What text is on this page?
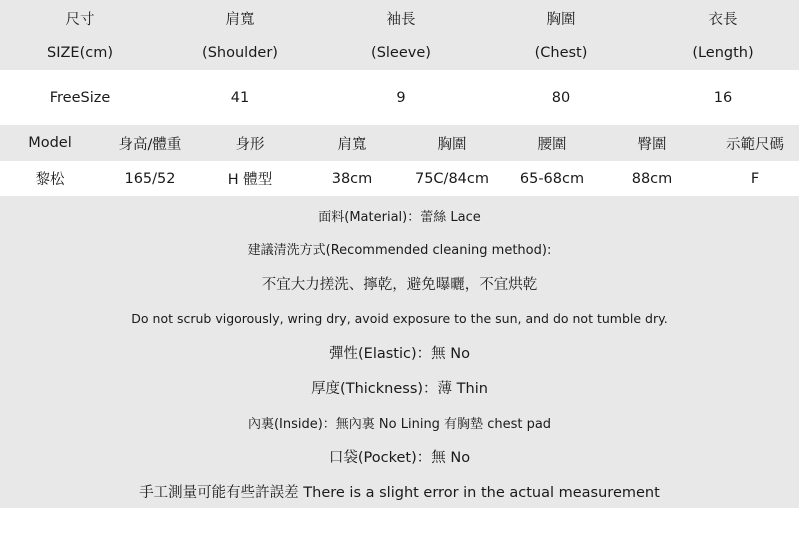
尺寸	肩寬	袖長	胸圍	衣長
SIZE(cm)	(Shoulder)	(Sleeve)	(Chest)	(Length)
FreeSize	41	9	80	16
Model	身高/體重	身形	肩寬	胸圍	腰圍	臀圍	示範尺碼
黎松	165/52	H 體型	38cm	75C/84cm	65-68cm	88cm	F
面料(Material)：蕾絲 Lace
建議清洗方式(Recommended cleaning method):
不宜大力搓洗、擰乾，避免曝曬，不宜烘乾
Do not scrub vigorously, wring dry, avoid exposure to the sun, and do not tumble dry.
彈性(Elastic)：無 No
厚度(Thickness)：薄 Thin
內裏(Inside)：無內裏 No Lining 有胸墊 chest pad
口袋(Pocket)：無 No
手工測量可能有些許誤差 There is a slight error in the actual measurement
